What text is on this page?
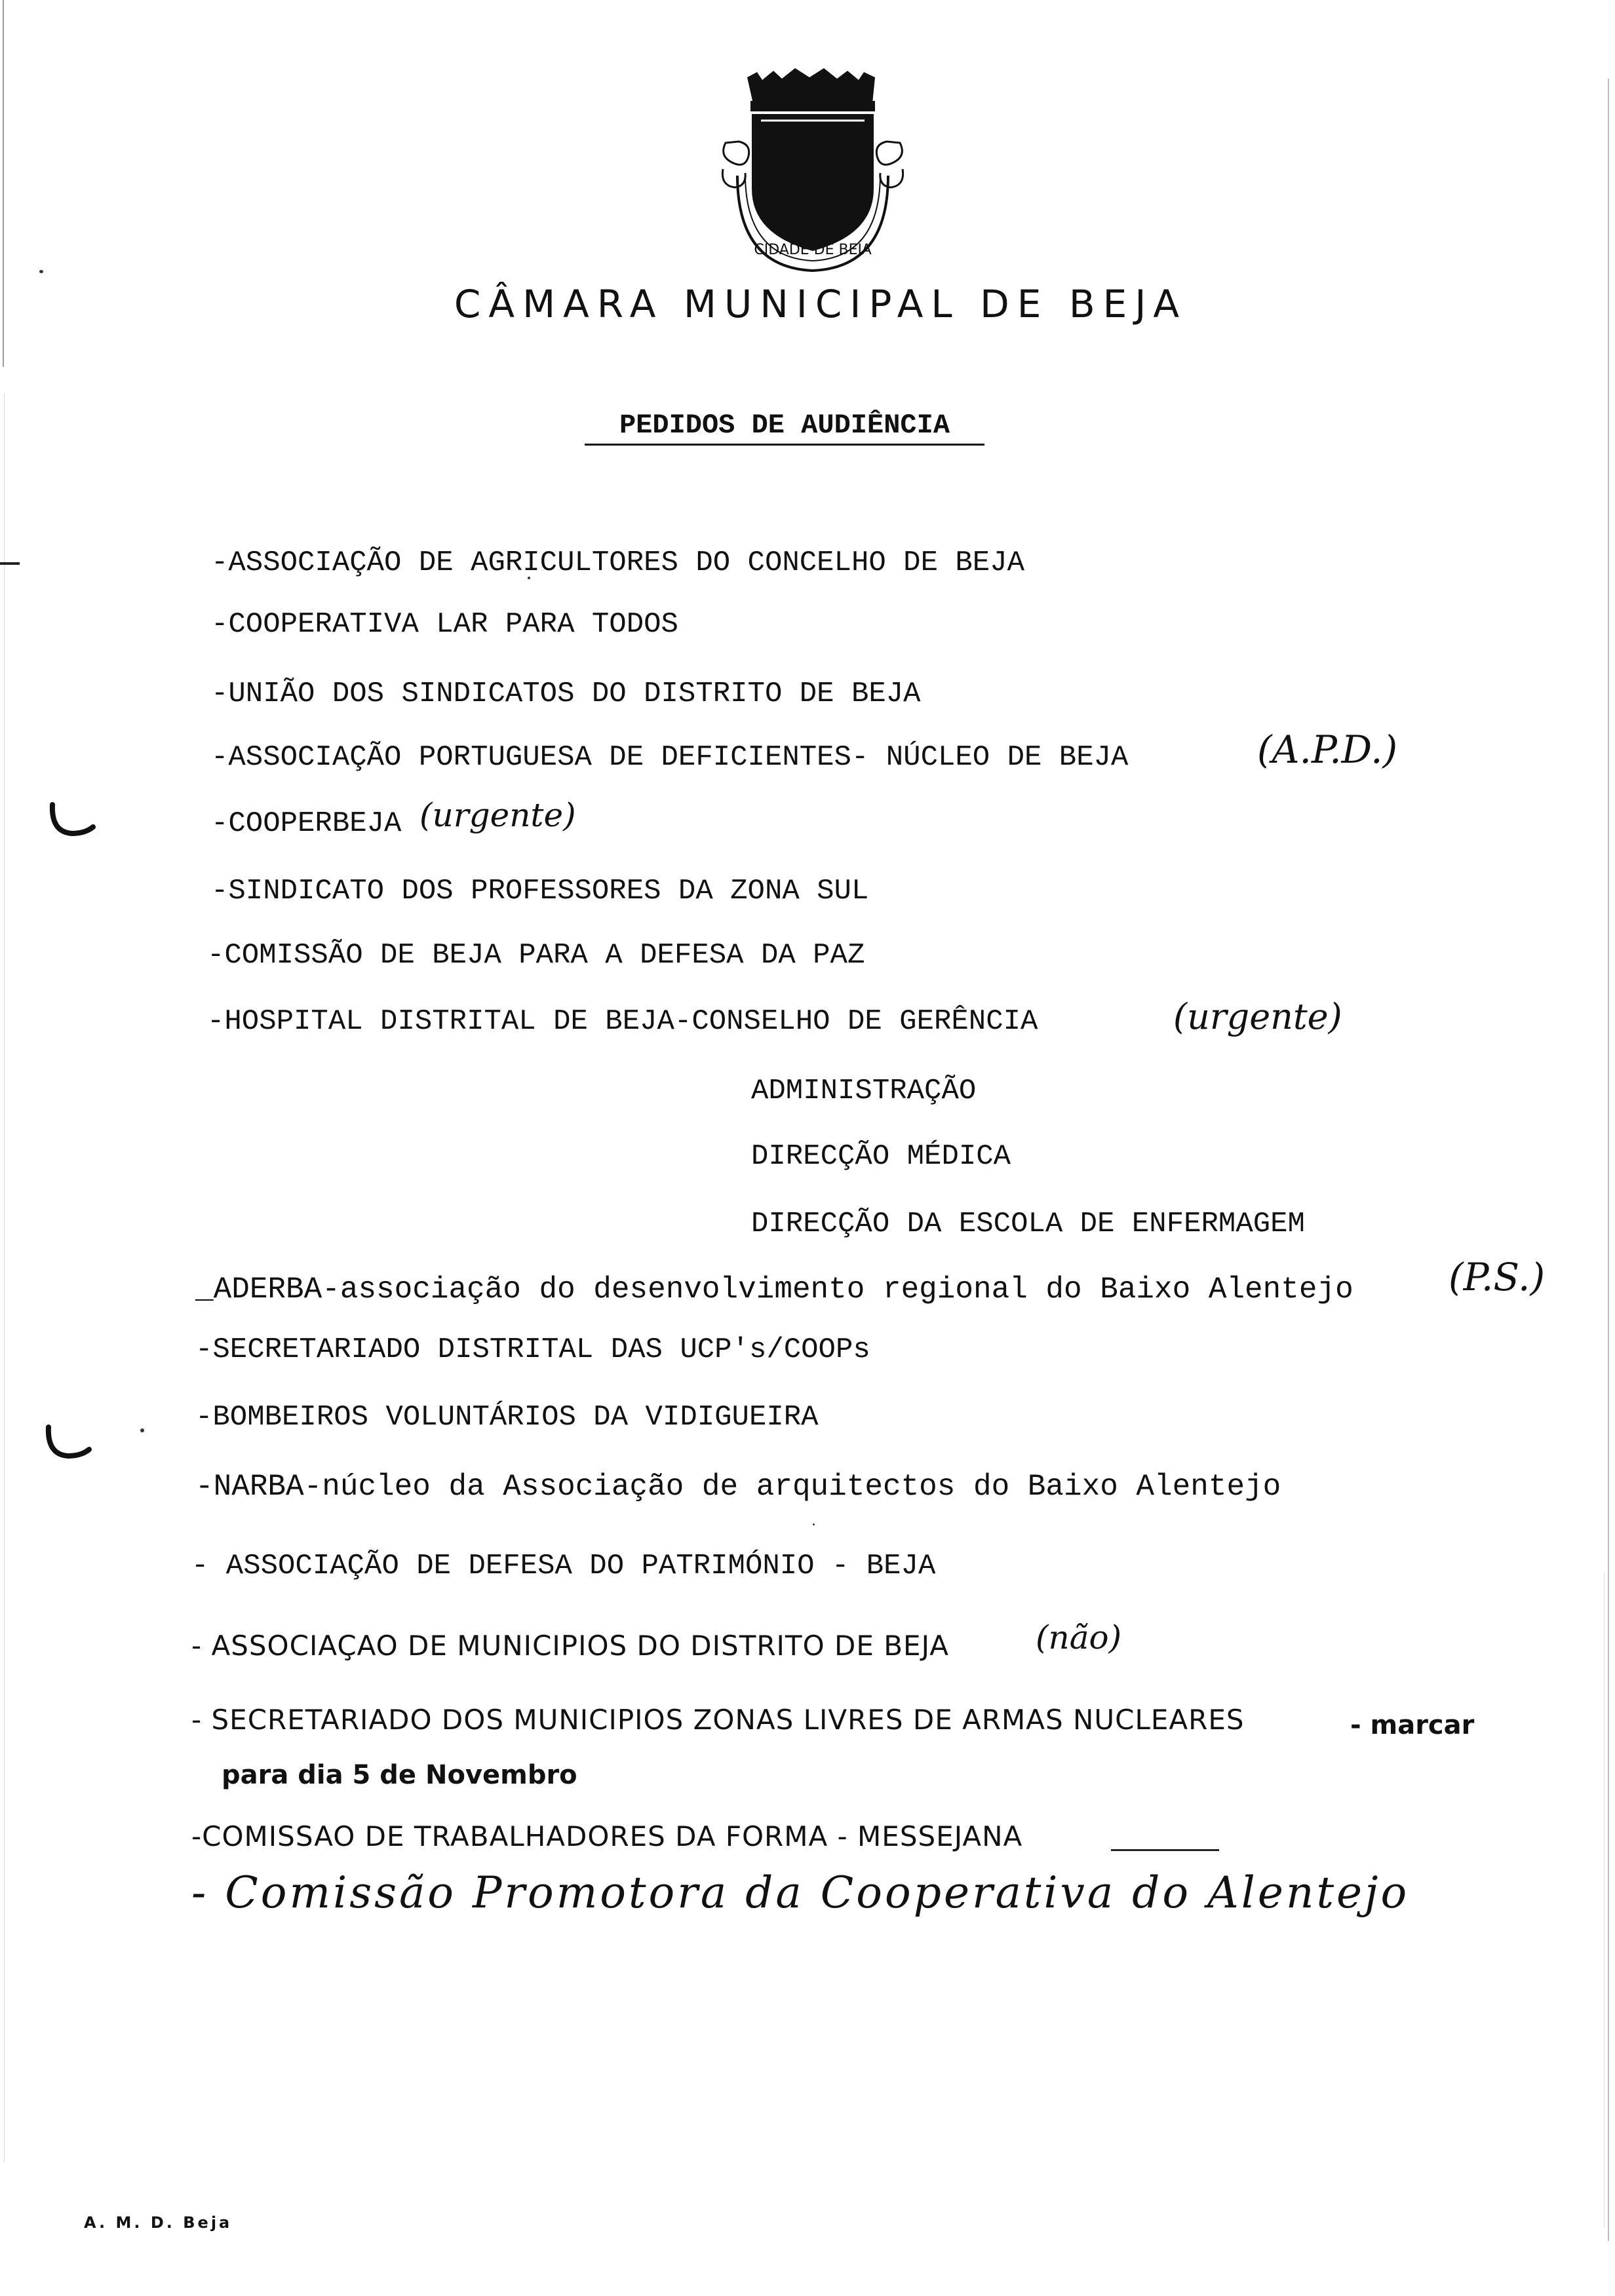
CIDADE DE BEJA
CÂMARA MUNICIPAL DE BEJA
PEDIDOS DE AUDIÊNCIA
-ASSOCIAÇÃO DE AGRICULTORES DO CONCELHO DE BEJA
-COOPERATIVA LAR PARA TODOS
-UNIÃO DOS SINDICATOS DO DISTRITO DE BEJA
-ASSOCIAÇÃO PORTUGUESA DE DEFICIENTES- NÚCLEO DE BEJA	(A.P.D.)
-COOPERBEJA (urgente)
-SINDICATO DOS PROFESSORES DA ZONA SUL
-COMISSÃO DE BEJA PARA A DEFESA DA PAZ
-HOSPITAL DISTRITAL DE BEJA-CONSELHO DE GERÊNCIA	(urgente)
ADMINISTRAÇÃO
DIRECÇÃO MÉDICA
DIRECÇÃO DA ESCOLA DE ENFERMAGEM
_ADERBA-associação do desenvolvimento regional do Baixo Alentejo	(P.S.)
-SECRETARIADO DISTRITAL DAS UCP's/COOPs
-BOMBEIROS VOLUNTÁRIOS DA VIDIGUEIRA
-NARBA-núcleo da Associação de arquitectos do Baixo Alentejo
- ASSOCIAÇÃO DE DEFESA DO PATRIMÓNIO - BEJA
- ASSOCIAÇAO DE MUNICIPIOS DO DISTRITO DE BEJA	(não)
- SECRETARIADO DOS MUNICIPIOS ZONAS LIVRES DE ARMAS NUCLEARES	- marcar
para dia 5 de Novembro
-COMISSAO DE TRABALHADORES DA FORMA - MESSEJANA
- Comissão Promotora da Cooperativa do Alentejo
A. M. D. Beja
